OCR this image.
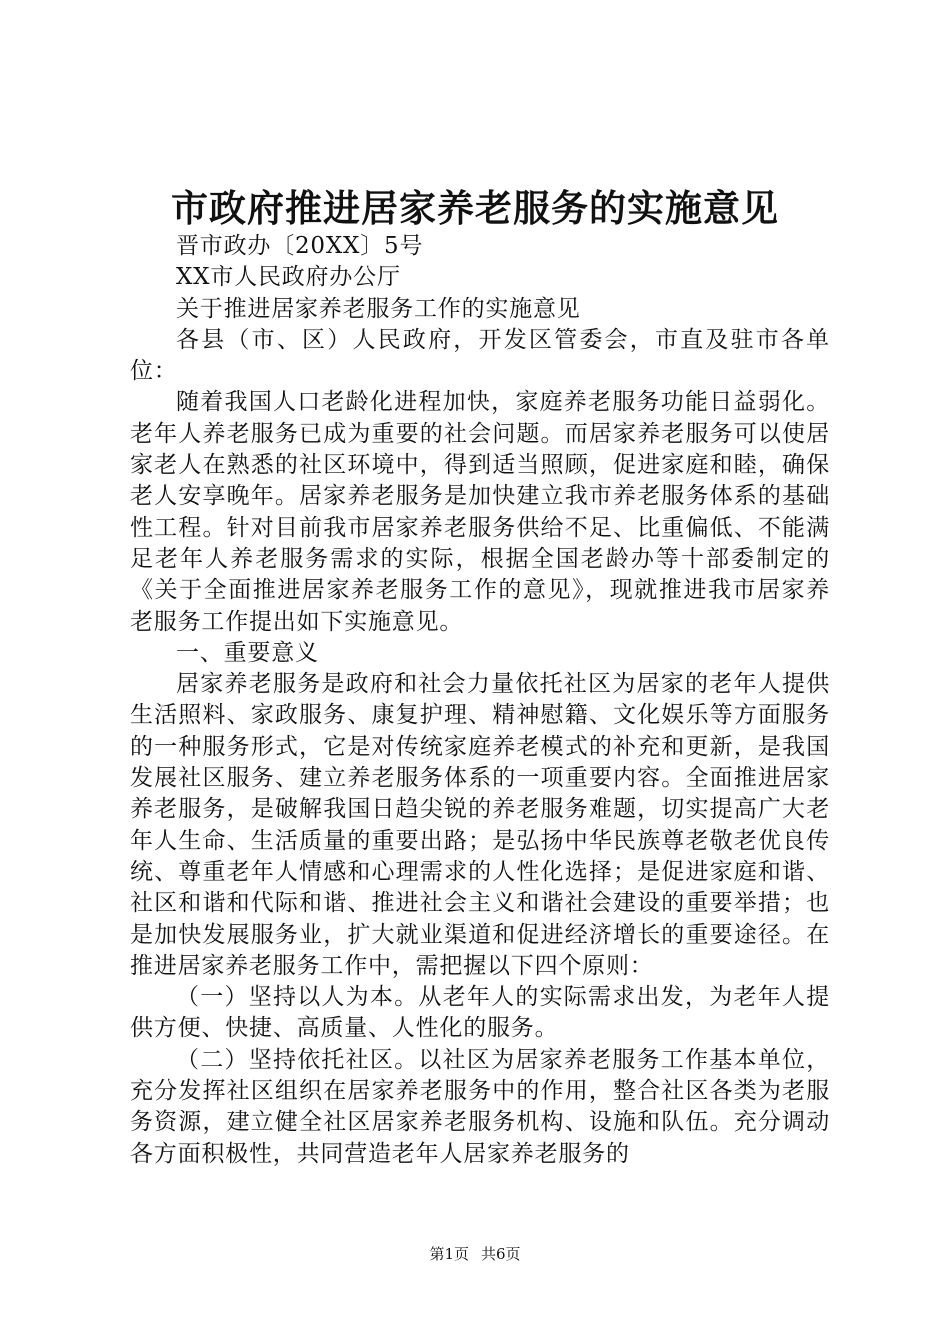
市政府推进居家养老服务的实施意见

晋市政办〔20XX〕5号

XX市人民政府办公厅

关于推进居家养老服务工作的实施意见

各县（市、区）人民政府，开发区管委会，市直及驻市各单位：

随着我国人口老龄化进程加快，家庭养老服务功能日益弱化。老年人养老服务已成为重要的社会问题。而居家养老服务可以使居家老人在熟悉的社区环境中，得到适当照顾，促进家庭和睦，确保老人安享晚年。居家养老服务是加快建立我市养老服务体系的基础性工程。针对目前我市居家养老服务供给不足、比重偏低、不能满足老年人养老服务需求的实际，根据全国老龄办等十部委制定的《关于全面推进居家养老服务工作的意见》，现就推进我市居家养老服务工作提出如下实施意见。

一、重要意义

居家养老服务是政府和社会力量依托社区为居家的老年人提供生活照料、家政服务、康复护理、精神慰籍、文化娱乐等方面服务的一种服务形式，它是对传统家庭养老模式的补充和更新，是我国发展社区服务、建立养老服务体系的一项重要内容。全面推进居家养老服务，是破解我国日趋尖锐的养老服务难题，切实提高广大老年人生命、生活质量的重要出路；是弘扬中华民族尊老敬老优良传统、尊重老年人情感和心理需求的人性化选择；是促进家庭和谐、社区和谐和代际和谐、推进社会主义和谐社会建设的重要举措；也是加快发展服务业，扩大就业渠道和促进经济增长的重要途径。在推进居家养老服务工作中，需把握以下四个原则：

（一）坚持以人为本。从老年人的实际需求出发，为老年人提供方便、快捷、高质量、人性化的服务。

（二）坚持依托社区。以社区为居家养老服务工作基本单位，充分发挥社区组织在居家养老服务中的作用，整合社区各类为老服务资源，建立健全社区居家养老服务机构、设施和队伍。充分调动各方面积极性，共同营造老年人居家养老服务的

第1页 共6页
